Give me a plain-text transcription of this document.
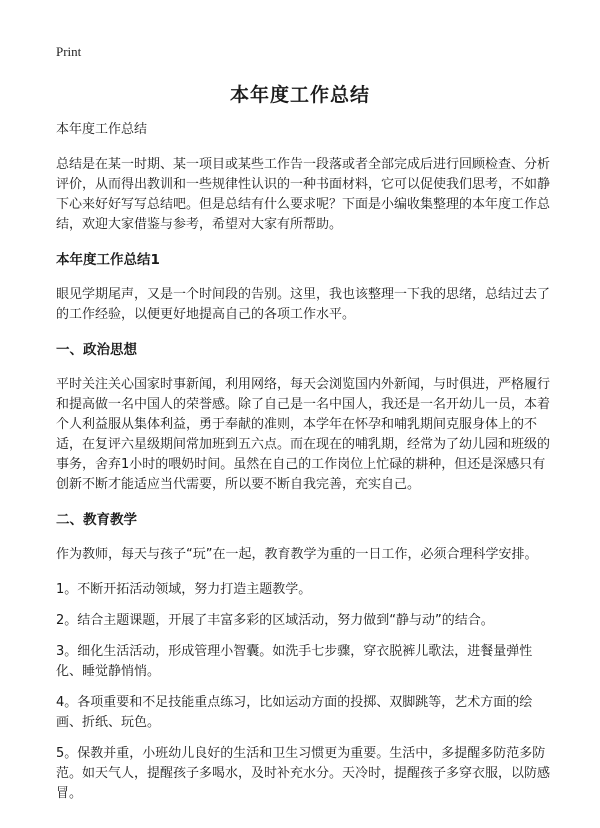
Print
本年度工作总结

本年度工作总结

总结是在某一时期、某一项目或某些工作告一段落或者全部完成后进行回顾检查、分析评价，从而得出教训和一些规律性认识的一种书面材料，它可以促使我们思考，不如静下心来好好写写总结吧。但是总结有什么要求呢？下面是小编收集整理的本年度工作总结，欢迎大家借鉴与参考，希望对大家有所帮助。

本年度工作总结1

眼见学期尾声，又是一个时间段的告别。这里，我也该整理一下我的思绪，总结过去了的工作经验，以便更好地提高自己的各项工作水平。

一、政治思想

平时关注关心国家时事新闻，利用网络，每天会浏览国内外新闻，与时俱进，严格履行和提高做一名中国人的荣誉感。除了自己是一名中国人，我还是一名开幼儿一员，本着个人利益服从集体利益，勇于奉献的准则，本学年在怀孕和哺乳期间克服身体上的不适，在复评六星级期间常加班到五六点。而在现在的哺乳期，经常为了幼儿园和班级的事务，舍弃1小时的喂奶时间。虽然在自己的工作岗位上忙碌的耕种，但还是深感只有创新不断才能适应当代需要，所以要不断自我完善，充实自己。

二、教育教学

作为教师，每天与孩子“玩”在一起，教育教学为重的一日工作，必须合理科学安排。

1。不断开拓活动领域，努力打造主题教学。

2。结合主题课题，开展了丰富多彩的区域活动，努力做到“静与动”的结合。

3。细化生活活动，形成管理小智囊。如洗手七步骤，穿衣脱裤儿歌法，进餐量弹性化、睡觉静悄悄。

4。各项重要和不足技能重点练习，比如运动方面的投掷、双脚跳等，艺术方面的绘画、折纸、玩色。

5。保教并重，小班幼儿良好的生活和卫生习惯更为重要。生活中，多提醒多防范多防范。如天气人，提醒孩子多喝水，及时补充水分。天冷时，提醒孩子多穿衣服，以防感冒。
